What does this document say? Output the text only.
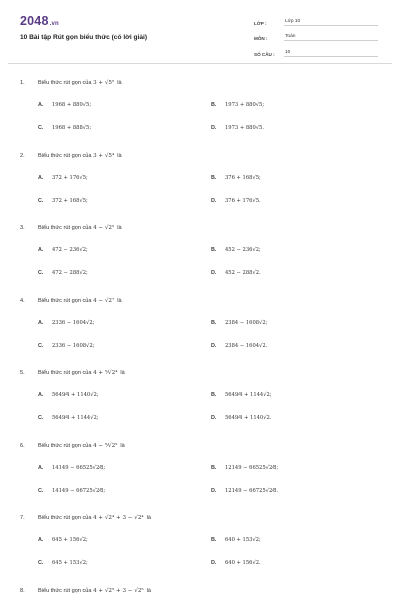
2048.vn
10 Bài tập Rút gọn biểu thức (có lời giải)
LỚP :	Lớp 10
MÔN :	Toán
SỐ CÂU :	10
1. Biểu thức rút gọn của 3 + √5⁵ là
A. 1968 + 880√5;	B. 1973 + 880√5;
C. 1968 + 888√5;	D. 1973 + 880√5.
2. Biểu thức rút gọn của 3 + √5⁴ là
A. 372 + 176√5;	B. 376 + 168√5;
C. 372 + 168√5;	D. 376 + 176√5.
3. Biểu thức rút gọn của 4 − √2⁵ là
A. 472 − 236√2;	B. 452 − 236√2;
C. 472 − 288√2;	D. 452 − 288√2.
4. Biểu thức rút gọn của 4 − √2⁷ là
A. 2336 − 1604√2;	B. 2384 − 1608√2;
C. 2336 − 1608√2;	D. 2384 − 1604√2.
5. Biểu thức rút gọn của 4 + ⁵⁄√2⁴ là
A. 5649⁄4 + 1140√2;	B. 5649⁄4 + 1144√2;
C. 5649⁄4 + 1144√2;	D. 5649⁄4 + 1140√2.
6. Biểu thức rút gọn của 4 − ⁵⁄√2⁵ là
A. 14149 − 66525√2⁄8;	B. 12149 − 66525√2⁄8;
C. 14149 − 66725√2⁄8;	D. 12149 − 66725√2⁄8.
7. Biểu thức rút gọn của 4 + √2⁴ + 3 − √2⁴ là
A. 645 + 156√2;	B. 640 + 153√2;
C. 645 + 153√2;	D. 640 + 156√2.
8. Biểu thức rút gọn của 4 + √2⁵ + 3 − √2⁵ là
